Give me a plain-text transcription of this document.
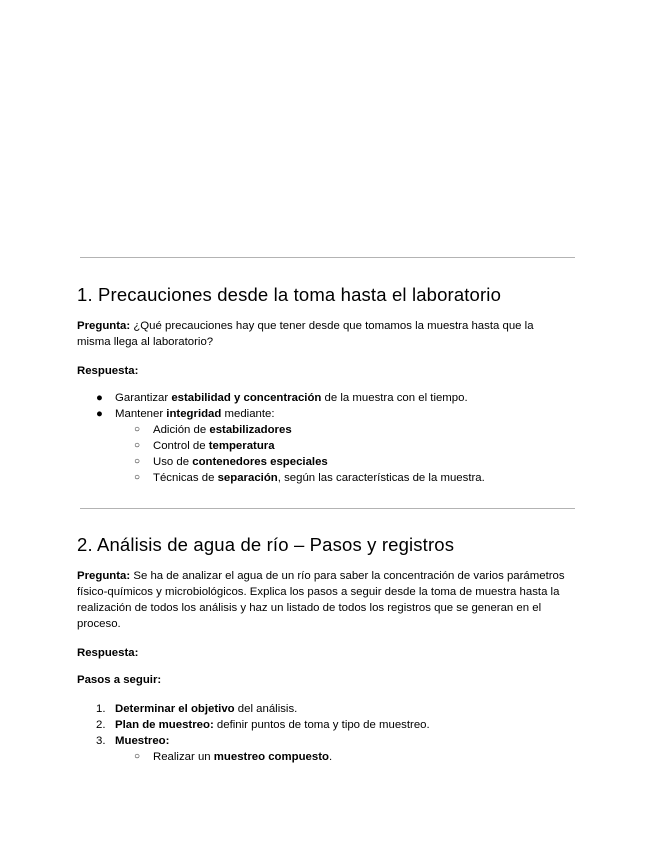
1. Precauciones desde la toma hasta el laboratorio

Pregunta: ¿Qué precauciones hay que tener desde que tomamos la muestra hasta que la misma llega al laboratorio?

Respuesta:

● Garantizar estabilidad y concentración de la muestra con el tiempo.
● Mantener integridad mediante:
○ Adición de estabilizadores
○ Control de temperatura
○ Uso de contenedores especiales
○ Técnicas de separación, según las características de la muestra.
2. Análisis de agua de río – Pasos y registros

Pregunta: Se ha de analizar el agua de un río para saber la concentración de varios parámetros físico-químicos y microbiológicos. Explica los pasos a seguir desde la toma de muestra hasta la realización de todos los análisis y haz un listado de todos los registros que se generan en el proceso.

Respuesta:

Pasos a seguir:

1. Determinar el objetivo del análisis.
2. Plan de muestreo: definir puntos de toma y tipo de muestreo.
3. Muestreo:
○ Realizar un muestreo compuesto.
